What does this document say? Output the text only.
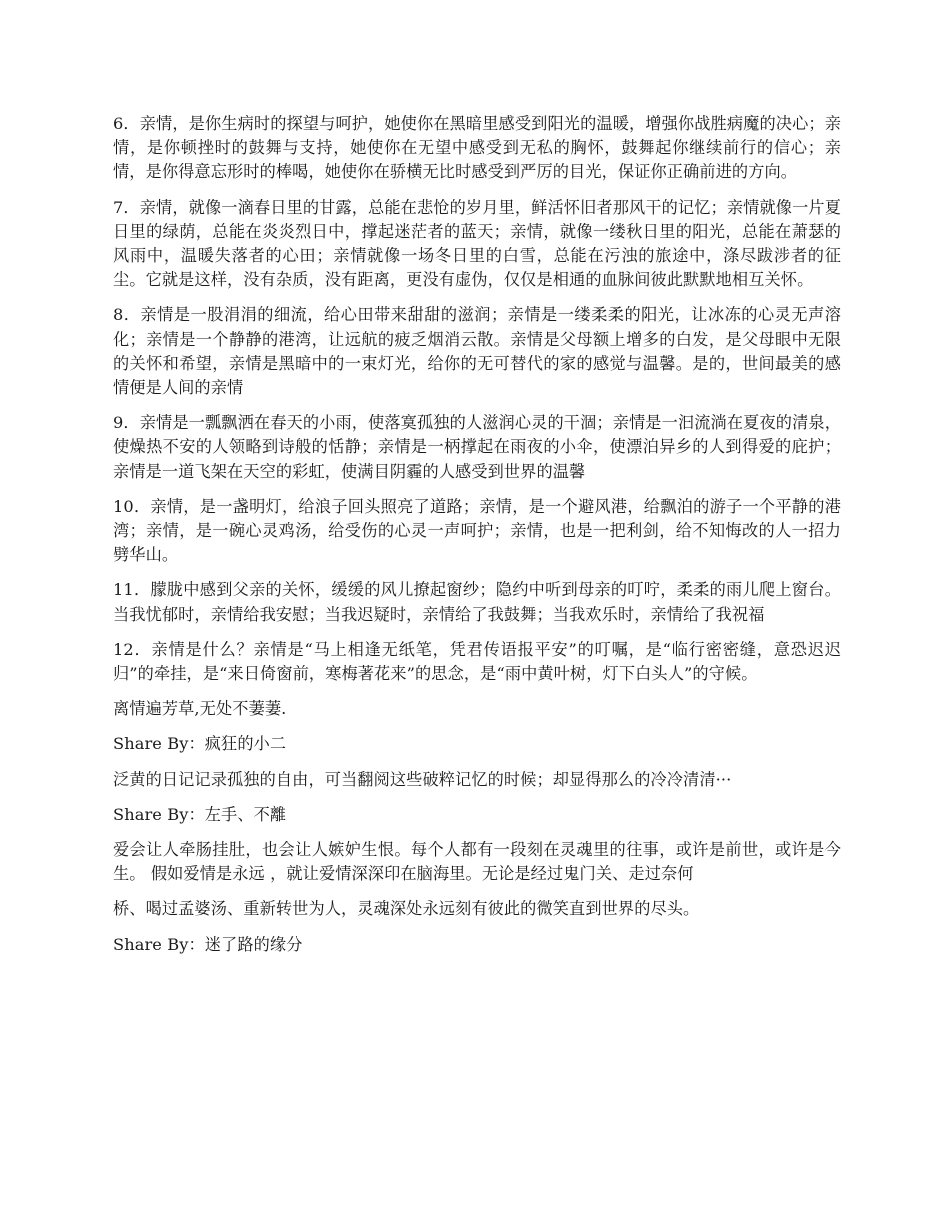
6．亲情，是你生病时的探望与呵护，她使你在黑暗里感受到阳光的温暖，增强你战胜病魔的决心；亲情，是你顿挫时的鼓舞与支持，她使你在无望中感受到无私的胸怀，鼓舞起你继续前行的信心；亲情，是你得意忘形时的棒喝，她使你在骄横无比时感受到严厉的目光，保证你正确前进的方向。

7．亲情，就像一滴春日里的甘露，总能在悲怆的岁月里，鲜活怀旧者那风干的记忆；亲情就像一片夏日里的绿荫，总能在炎炎烈日中，撑起迷茫者的蓝天；亲情，就像一缕秋日里的阳光，总能在萧瑟的风雨中，温暖失落者的心田；亲情就像一场冬日里的白雪，总能在污浊的旅途中，涤尽跋涉者的征尘。它就是这样，没有杂质，没有距离，更没有虚伪，仅仅是相通的血脉间彼此默默地相互关怀。

8．亲情是一股涓涓的细流，给心田带来甜甜的滋润；亲情是一缕柔柔的阳光，让冰冻的心灵无声溶化；亲情是一个静静的港湾，让远航的疲乏烟消云散。亲情是父母额上增多的白发，是父母眼中无限的关怀和希望，亲情是黑暗中的一束灯光，给你的无可替代的家的感觉与温馨。是的，世间最美的感情便是人间的亲情

9．亲情是一瓢飘洒在春天的小雨，使落寞孤独的人滋润心灵的干涸；亲情是一汩流淌在夏夜的清泉，使燥热不安的人领略到诗般的恬静；亲情是一柄撑起在雨夜的小伞，使漂泊异乡的人到得爱的庇护；亲情是一道飞架在天空的彩虹，使满目阴霾的人感受到世界的温馨

10．亲情，是一盏明灯，给浪子回头照亮了道路；亲情，是一个避风港，给飘泊的游子一个平静的港湾；亲情，是一碗心灵鸡汤，给受伤的心灵一声呵护；亲情，也是一把利剑，给不知悔改的人一招力劈华山。

11．朦胧中感到父亲的关怀，缓缓的风儿撩起窗纱；隐约中听到母亲的叮咛，柔柔的雨儿爬上窗台。当我忧郁时，亲情给我安慰；当我迟疑时，亲情给了我鼓舞；当我欢乐时，亲情给了我祝福

12．亲情是什么？亲情是“马上相逢无纸笔，凭君传语报平安”的叮嘱，是“临行密密缝，意恐迟迟归”的牵挂，是“来日倚窗前，寒梅著花来”的思念，是“雨中黄叶树，灯下白头人”的守候。

离情遍芳草,无处不萋萋.

Share By：疯狂的小二

泛黄的日记记录孤独的自由，可当翻阅这些破粹记忆的时候；却显得那么的冷冷清清···

Share By：左手、不離

爱会让人牵肠挂肚，也会让人嫉妒生恨。每个人都有一段刻在灵魂里的往事，或许是前世，或许是今生。 假如爱情是永远 ，就让爱情深深印在脑海里。无论是经过鬼门关、走过奈何

桥、喝过孟婆汤、重新转世为人，灵魂深处永远刻有彼此的微笑直到世界的尽头。

Share By：迷了路的缘分
